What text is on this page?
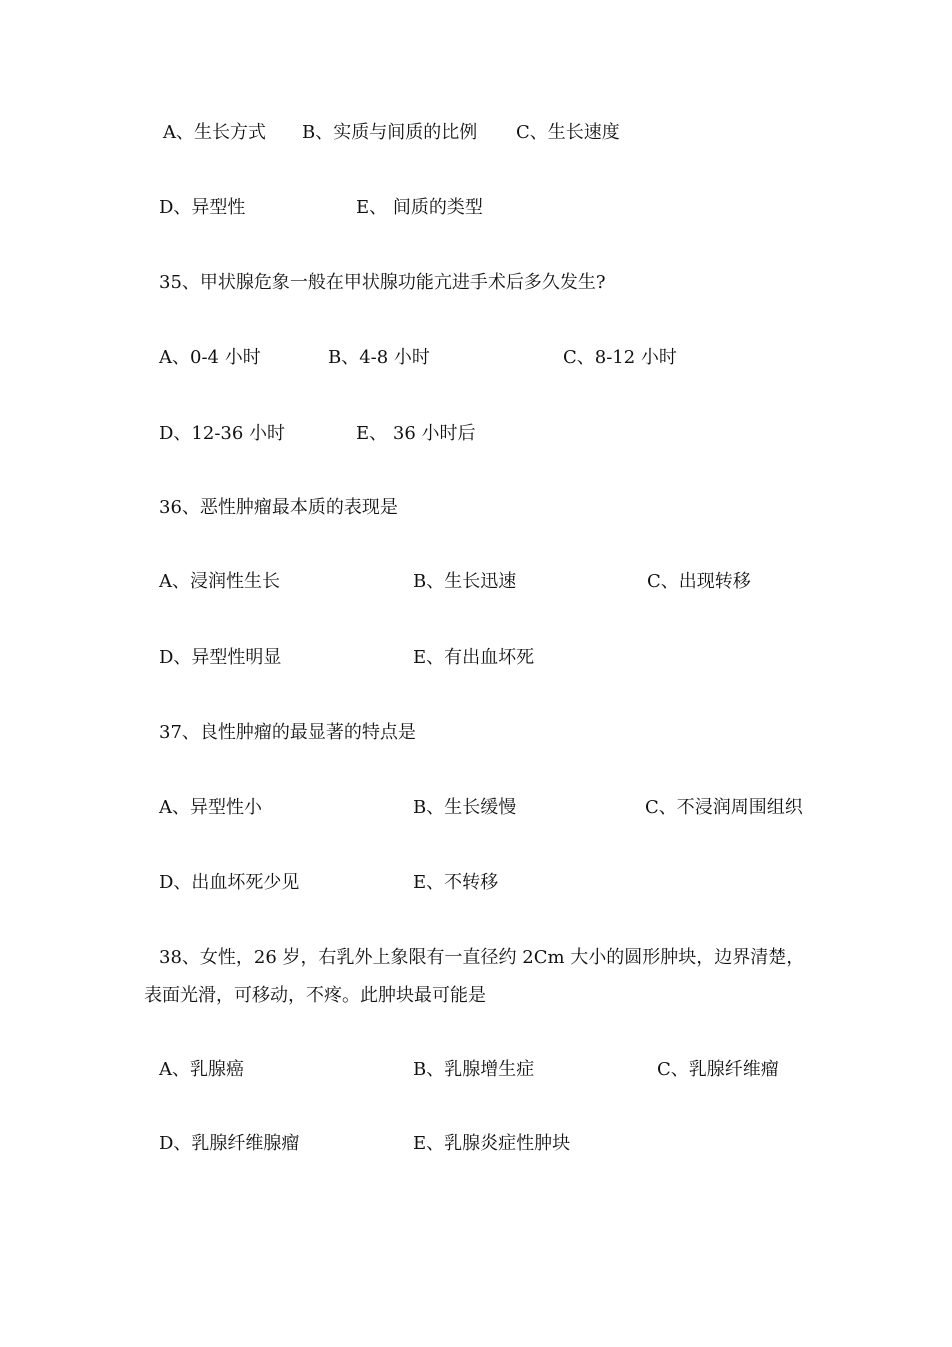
A、生长方式 B、实质与间质的比例 C、生长速度
D、异型性	E、 间质的类型
35、甲状腺危象一般在甲状腺功能亢进手术后多久发生?
A、0-4 小时	B、4-8 小时	C、8-12 小时
D、12-36 小时	E、 36 小时后
36、恶性肿瘤最本质的表现是
A、浸润性生长	B、生长迅速	C、出现转移
D、异型性明显	E、有出血坏死
37、良性肿瘤的最显著的特点是
A、异型性小	B、生长缓慢	C、不浸润周围组织
D、出血坏死少见	E、不转移
38、女性，26 岁，右乳外上象限有一直径约 2Cm 大小的圆形肿块，边界清楚，
表面光滑，可移动，不疼。此肿块最可能是
A、乳腺癌	B、乳腺增生症	C、乳腺纤维瘤
D、乳腺纤维腺瘤	E、乳腺炎症性肿块
